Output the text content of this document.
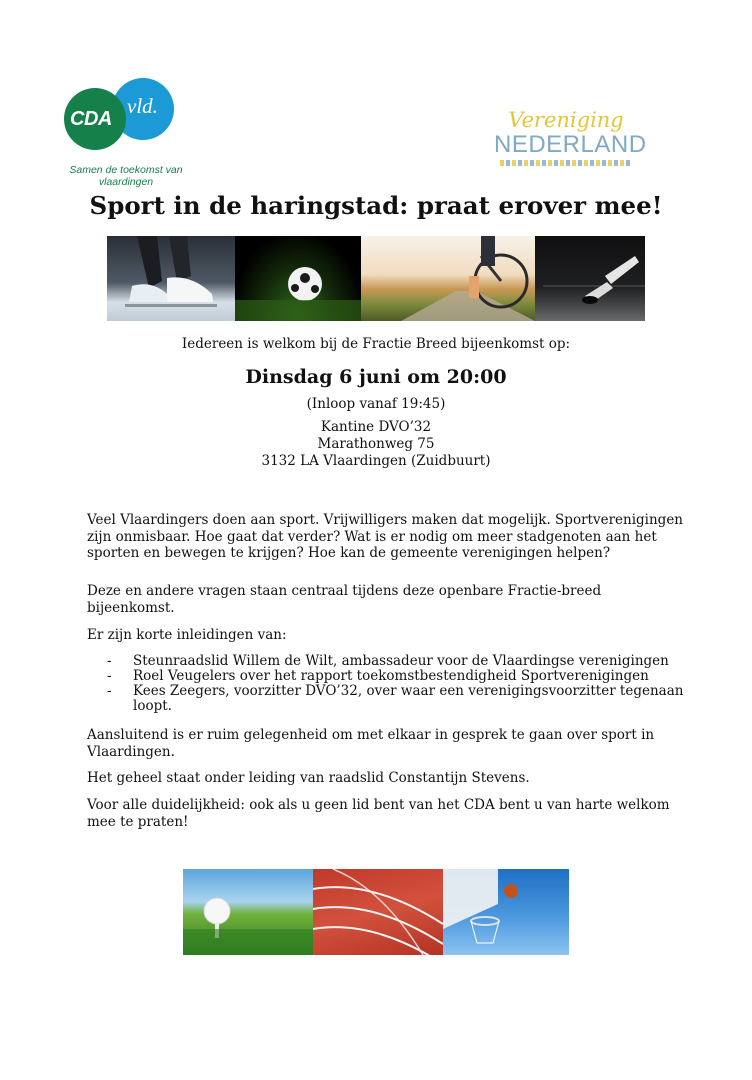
CDA
vld.
Samen de toekomst van vlaardingen
Vereniging
NEDERLAND
Sport in de haringstad: praat erover mee!
Iedereen is welkom bij de Fractie Breed bijeenkomst op:
Dinsdag 6 juni om 20:00
(Inloop vanaf 19:45)
Kantine DVO’32
Marathonweg 75
3132 LA Vlaardingen (Zuidbuurt)
Veel Vlaardingers doen aan sport. Vrijwilligers maken dat mogelijk. Sportverenigingen zijn onmisbaar. Hoe gaat dat verder? Wat is er nodig om meer stadgenoten aan het sporten en bewegen te krijgen? Hoe kan de gemeente verenigingen helpen?
Deze en andere vragen staan centraal tijdens deze openbare Fractie-breed bijeenkomst.
Er zijn korte inleidingen van:
- Steunraadslid Willem de Wilt, ambassadeur voor de Vlaardingse verenigingen
- Roel Veugelers over het rapport toekomstbestendigheid Sportverenigingen
- Kees Zeegers, voorzitter DVO’32, over waar een verenigingsvoorzitter tegenaan loopt.
Aansluitend is er ruim gelegenheid om met elkaar in gesprek te gaan over sport in Vlaardingen.
Het geheel staat onder leiding van raadslid Constantijn Stevens.
Voor alle duidelijkheid: ook als u geen lid bent van het CDA bent u van harte welkom mee te praten!
